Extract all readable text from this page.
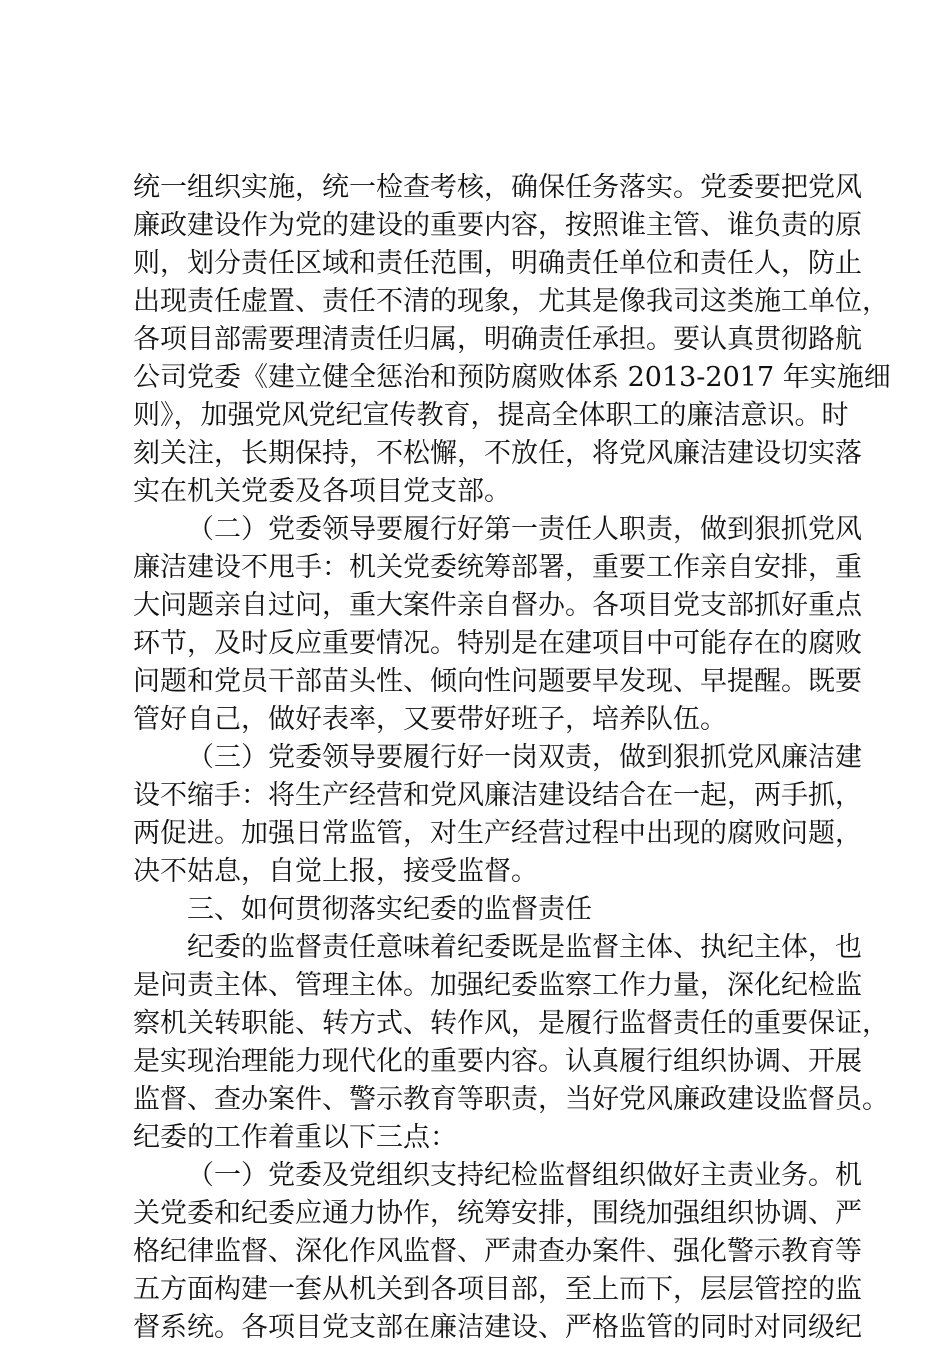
统一组织实施，统一检查考核，确保任务落实。党委要把党风
廉政建设作为党的建设的重要内容，按照谁主管、谁负责的原
则，划分责任区域和责任范围，明确责任单位和责任人，防止
出现责任虚置、责任不清的现象，尤其是像我司这类施工单位，
各项目部需要理清责任归属，明确责任承担。要认真贯彻路航
公司党委《建立健全惩治和预防腐败体系 2013-2017 年实施细
则》，加强党风党纪宣传教育，提高全体职工的廉洁意识。时
刻关注，长期保持，不松懈，不放任，将党风廉洁建设切实落
实在机关党委及各项目党支部。
（二）党委领导要履行好第一责任人职责，做到狠抓党风
廉洁建设不甩手：机关党委统筹部署，重要工作亲自安排，重
大问题亲自过问，重大案件亲自督办。各项目党支部抓好重点
环节，及时反应重要情况。特别是在建项目中可能存在的腐败
问题和党员干部苗头性、倾向性问题要早发现、早提醒。既要
管好自己，做好表率，又要带好班子，培养队伍。
（三）党委领导要履行好一岗双责，做到狠抓党风廉洁建
设不缩手：将生产经营和党风廉洁建设结合在一起，两手抓，
两促进。加强日常监管，对生产经营过程中出现的腐败问题，
决不姑息，自觉上报，接受监督。
三、如何贯彻落实纪委的监督责任
纪委的监督责任意味着纪委既是监督主体、执纪主体，也
是问责主体、管理主体。加强纪委监察工作力量，深化纪检监
察机关转职能、转方式、转作风，是履行监督责任的重要保证，
是实现治理能力现代化的重要内容。认真履行组织协调、开展
监督、查办案件、警示教育等职责，当好党风廉政建设监督员。
纪委的工作着重以下三点：
（一）党委及党组织支持纪检监督组织做好主责业务。机
关党委和纪委应通力协作，统筹安排，围绕加强组织协调、严
格纪律监督、深化作风监督、严肃查办案件、强化警示教育等
五方面构建一套从机关到各项目部，至上而下，层层管控的监
督系统。各项目党支部在廉洁建设、严格监管的同时对同级纪
